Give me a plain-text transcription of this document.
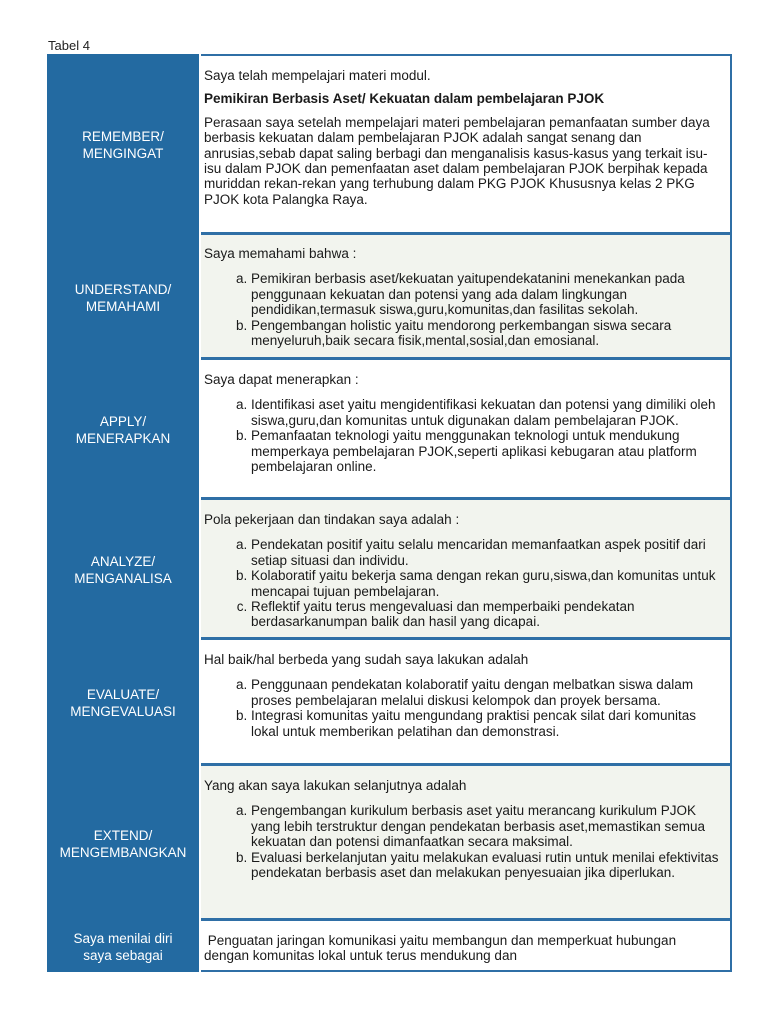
Tabel 4
REMEMBER/
MENGINGAT

Saya telah mempelajari materi modul.

Pemikiran Berbasis Aset/ Kekuatan dalam pembelajaran PJOK

Perasaan saya setelah mempelajari materi pembelajaran pemanfaatan sumber daya berbasis kekuatan dalam pembelajaran PJOK adalah sangat senang dan anrusias,sebab dapat saling berbagi dan menganalisis kasus-kasus yang terkait isu-isu dalam PJOK dan pemenfaatan aset dalam pembelajaran PJOK berpihak kepada muriddan rekan-rekan yang terhubung dalam PKG PJOK Khususnya kelas 2 PKG PJOK kota Palangka Raya.

UNDERSTAND/
MEMAHAMI

Saya memahami bahwa :

a. Pemikiran berbasis aset/kekuatan yaitupendekatanini menekankan pada penggunaan kekuatan dan potensi yang ada dalam lingkungan pendidikan,termasuk siswa,guru,komunitas,dan fasilitas sekolah.
b. Pengembangan holistic yaitu mendorong perkembangan siswa secara menyeluruh,baik secara fisik,mental,sosial,dan emosianal.
APPLY/
MENERAPKAN

Saya dapat menerapkan :

a. Identifikasi aset yaitu mengidentifikasi kekuatan dan potensi yang dimiliki oleh siswa,guru,dan komunitas untuk digunakan dalam pembelajaran PJOK.
b. Pemanfaatan teknologi yaitu menggunakan teknologi untuk mendukung memperkaya pembelajaran PJOK,seperti aplikasi kebugaran atau platform pembelajaran online.
ANALYZE/
MENGANALISA

Pola pekerjaan dan tindakan saya adalah :

a. Pendekatan positif yaitu selalu mencaridan memanfaatkan aspek positif dari setiap situasi dan individu.
b. Kolaboratif yaitu bekerja sama dengan rekan guru,siswa,dan komunitas untuk mencapai tujuan pembelajaran.
c. Reflektif yaitu terus mengevaluasi dan memperbaiki pendekatan berdasarkanumpan balik dan hasil yang dicapai.
EVALUATE/
MENGEVALUASI

Hal baik/hal berbeda yang sudah saya lakukan adalah

a. Penggunaan pendekatan kolaboratif yaitu dengan melbatkan siswa dalam proses pembelajaran melalui diskusi kelompok dan proyek bersama.
b. Integrasi komunitas yaitu mengundang praktisi pencak silat dari komunitas lokal untuk memberikan pelatihan dan demonstrasi.
EXTEND/
MENGEMBANGKAN

Yang akan saya lakukan selanjutnya adalah

a. Pengembangan kurikulum berbasis aset yaitu merancang kurikulum PJOK yang lebih terstruktur dengan pendekatan berbasis aset,memastikan semua kekuatan dan potensi dimanfaatkan secara maksimal.
b. Evaluasi berkelanjutan yaitu melakukan evaluasi rutin untuk menilai efektivitas pendekatan berbasis aset dan melakukan penyesuaian jika diperlukan.
Saya menilai diri
saya sebagai

Penguatan jaringan komunikasi yaitu membangun dan memperkuat hubungan dengan komunitas lokal untuk terus mendukung dan
